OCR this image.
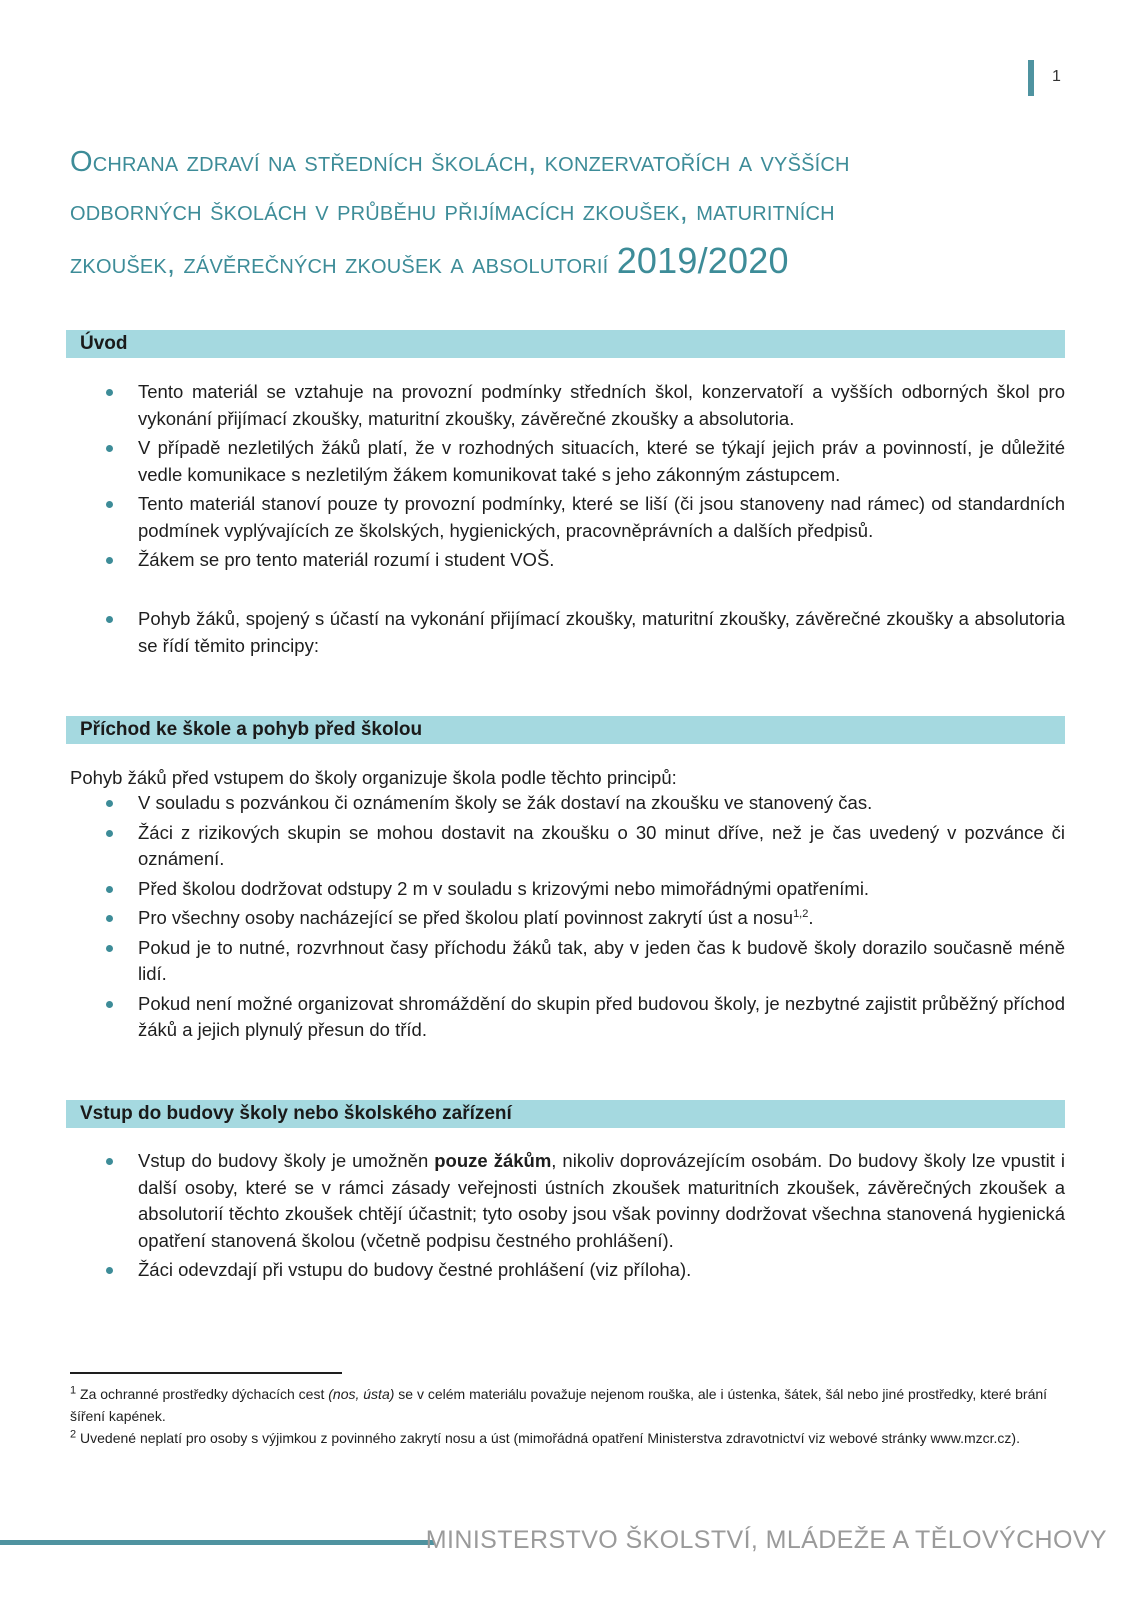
1
Ochrana zdraví na středních školách, konzervatořích a vyšších
odborných školách v průběhu přijímacích zkoušek, maturitních
zkoušek, závěrečných zkoušek a absolutorií 2019/2020
Úvod
Tento materiál se vztahuje na provozní podmínky středních škol, konzervatoří a vyšších odborných škol pro vykonání přijímací zkoušky, maturitní zkoušky, závěrečné zkoušky a absolutoria.
V případě nezletilých žáků platí, že v rozhodných situacích, které se týkají jejich práv a povinností, je důležité vedle komunikace s nezletilým žákem komunikovat také s jeho zákonným zástupcem.
Tento materiál stanoví pouze ty provozní podmínky, které se liší (či jsou stanoveny nad rámec) od standardních podmínek vyplývajících ze školských, hygienických, pracovněprávních a dalších předpisů.
Žákem se pro tento materiál rozumí i student VOŠ.
Pohyb žáků, spojený s účastí na vykonání přijímací zkoušky, maturitní zkoušky, závěrečné zkoušky a absolutoria se řídí těmito principy:
Příchod ke škole a pohyb před školou

Pohyb žáků před vstupem do školy organizuje škola podle těchto principů:

V souladu s pozvánkou či oznámením školy se žák dostaví na zkoušku ve stanovený čas.
Žáci z rizikových skupin se mohou dostavit na zkoušku o 30 minut dříve, než je čas uvedený v pozvánce či oznámení.
Před školou dodržovat odstupy 2 m v souladu s krizovými nebo mimořádnými opatřeními.
Pro všechny osoby nacházející se před školou platí povinnost zakrytí úst a nosu$^{1,2}$.
Pokud je to nutné, rozvrhnout časy příchodu žáků tak, aby v jeden čas k budově školy dorazilo současně méně lidí.
Pokud není možné organizovat shromáždění do skupin před budovou školy, je nezbytné zajistit průběžný příchod žáků a jejich plynulý přesun do tříd.
Vstup do budovy školy nebo školského zařízení
Vstup do budovy školy je umožněn pouze žákům, nikoliv doprovázejícím osobám. Do budovy školy lze vpustit i další osoby, které se v rámci zásady veřejnosti ústních zkoušek maturitních zkoušek, závěrečných zkoušek a absolutorií těchto zkoušek chtějí účastnit; tyto osoby jsou však povinny dodržovat všechna stanovená hygienická opatření stanovená školou (včetně podpisu čestného prohlášení).
Žáci odevzdají při vstupu do budovy čestné prohlášení (viz příloha).

$^1$ Za ochranné prostředky dýchacích cest (nos, ústa) se v celém materiálu považuje nejenom rouška, ale i ústenka, šátek, šál nebo jiné prostředky, které brání šíření kapének.

$^2$ Uvedené neplatí pro osoby s výjimkou z povinného zakrytí nosu a úst (mimořádná opatření Ministerstva zdravotnictví viz webové stránky www.mzcr.cz).

MINISTERSTVO ŠKOLSTVÍ, MLÁDEŽE A TĚLOVÝCHOVY
